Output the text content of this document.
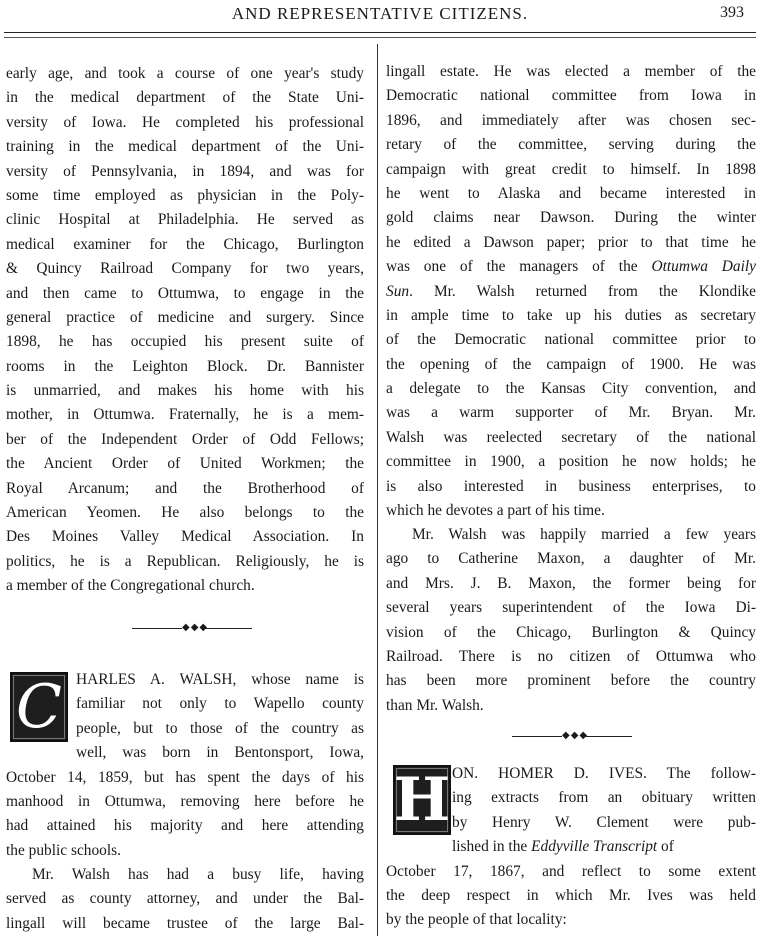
AND REPRESENTATIVE CITIZENS.	393
early age, and took a course of one year's study
in the medical department of the State Uni-
versity of Iowa. He completed his professional
training in the medical department of the Uni-
versity of Pennsylvania, in 1894, and was for
some time employed as physician in the Poly-
clinic Hospital at Philadelphia. He served as
medical examiner for the Chicago, Burlington
& Quincy Railroad Company for two years,
and then came to Ottumwa, to engage in the
general practice of medicine and surgery. Since
1898, he has occupied his present suite of
rooms in the Leighton Block. Dr. Bannister
is unmarried, and makes his home with his
mother, in Ottumwa. Fraternally, he is a mem-
ber of the Independent Order of Odd Fellows;
the Ancient Order of United Workmen; the
Royal Arcanum; and the Brotherhood of
American Yeomen. He also belongs to the
Des Moines Valley Medical Association. In
politics, he is a Republican. Religiously, he is
a member of the Congregational church.
◆◆◆
C HARLES A. WALSH, whose name is
familiar not only to Wapello county
people, but to those of the country as
well, was born in Bentonsport, Iowa,
October 14, 1859, but has spent the days of his
manhood in Ottumwa, removing here before he
had attained his majority and here attending
the public schools.
Mr. Walsh has had a busy life, having
served as county attorney, and under the Bal-
lingall will became trustee of the large Bal-
lingall estate. He was elected a member of the
Democratic national committee from Iowa in
1896, and immediately after was chosen sec-
retary of the committee, serving during the
campaign with great credit to himself. In 1898
he went to Alaska and became interested in
gold claims near Dawson. During the winter
he edited a Dawson paper; prior to that time he
was one of the managers of the Ottumwa Daily
Sun. Mr. Walsh returned from the Klondike
in ample time to take up his duties as secretary
of the Democratic national committee prior to
the opening of the campaign of 1900. He was
a delegate to the Kansas City convention, and
was a warm supporter of Mr. Bryan. Mr.
Walsh was reelected secretary of the national
committee in 1900, a position he now holds; he
is also interested in business enterprises, to
which he devotes a part of his time.
Mr. Walsh was happily married a few years
ago to Catherine Maxon, a daughter of Mr.
and Mrs. J. B. Maxon, the former being for
several years superintendent of the Iowa Di-
vision of the Chicago, Burlington & Quincy
Railroad. There is no citizen of Ottumwa who
has been more prominent before the country
than Mr. Walsh.
◆◆◆
H ON. HOMER D. IVES. The follow-
ing extracts from an obituary written
by Henry W. Clement were pub-
lished in the Eddyville Transcript of
October 17, 1867, and reflect to some extent
the deep respect in which Mr. Ives was held
by the people of that locality:
